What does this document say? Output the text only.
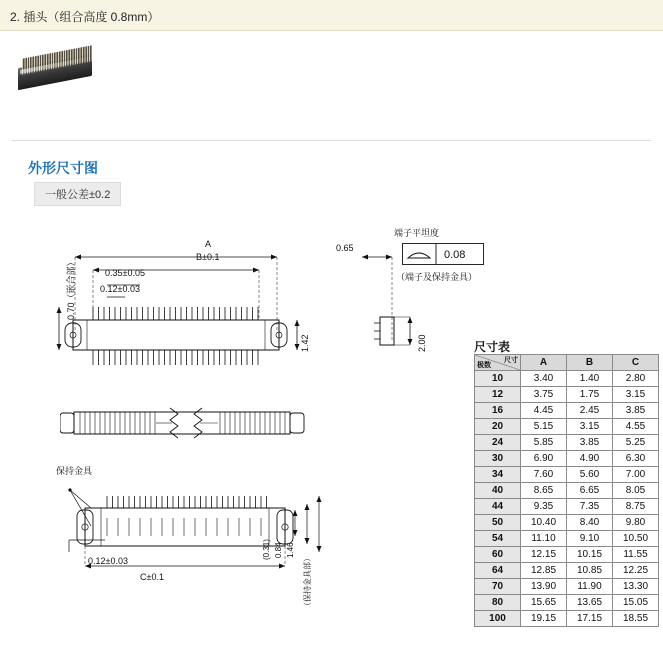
2. 插头（组合高度 0.8mm）
外形尺寸图
一般公差±0.2
A
B±0.1
0.35±0.05
0.12±0.03
0.70（嵌合部）
1.42
0.65
2.00
端子平坦度
0.08
（端子及保持金具）
保持金具
0.12±0.03
C±0.1
(0.31) 0.84 1.46
（保持金具部）
尺寸表
尺寸
极数	A	B	C
10	3.40	1.40	2.80
12	3.75	1.75	3.15
16	4.45	2.45	3.85
20	5.15	3.15	4.55
24	5.85	3.85	5.25
30	6.90	4.90	6.30
34	7.60	5.60	7.00
40	8.65	6.65	8.05
44	9.35	7.35	8.75
50	10.40	8.40	9.80
54	11.10	9.10	10.50
60	12.15	10.15	11.55
64	12.85	10.85	12.25
70	13.90	11.90	13.30
80	15.65	13.65	15.05
100	19.15	17.15	18.55
